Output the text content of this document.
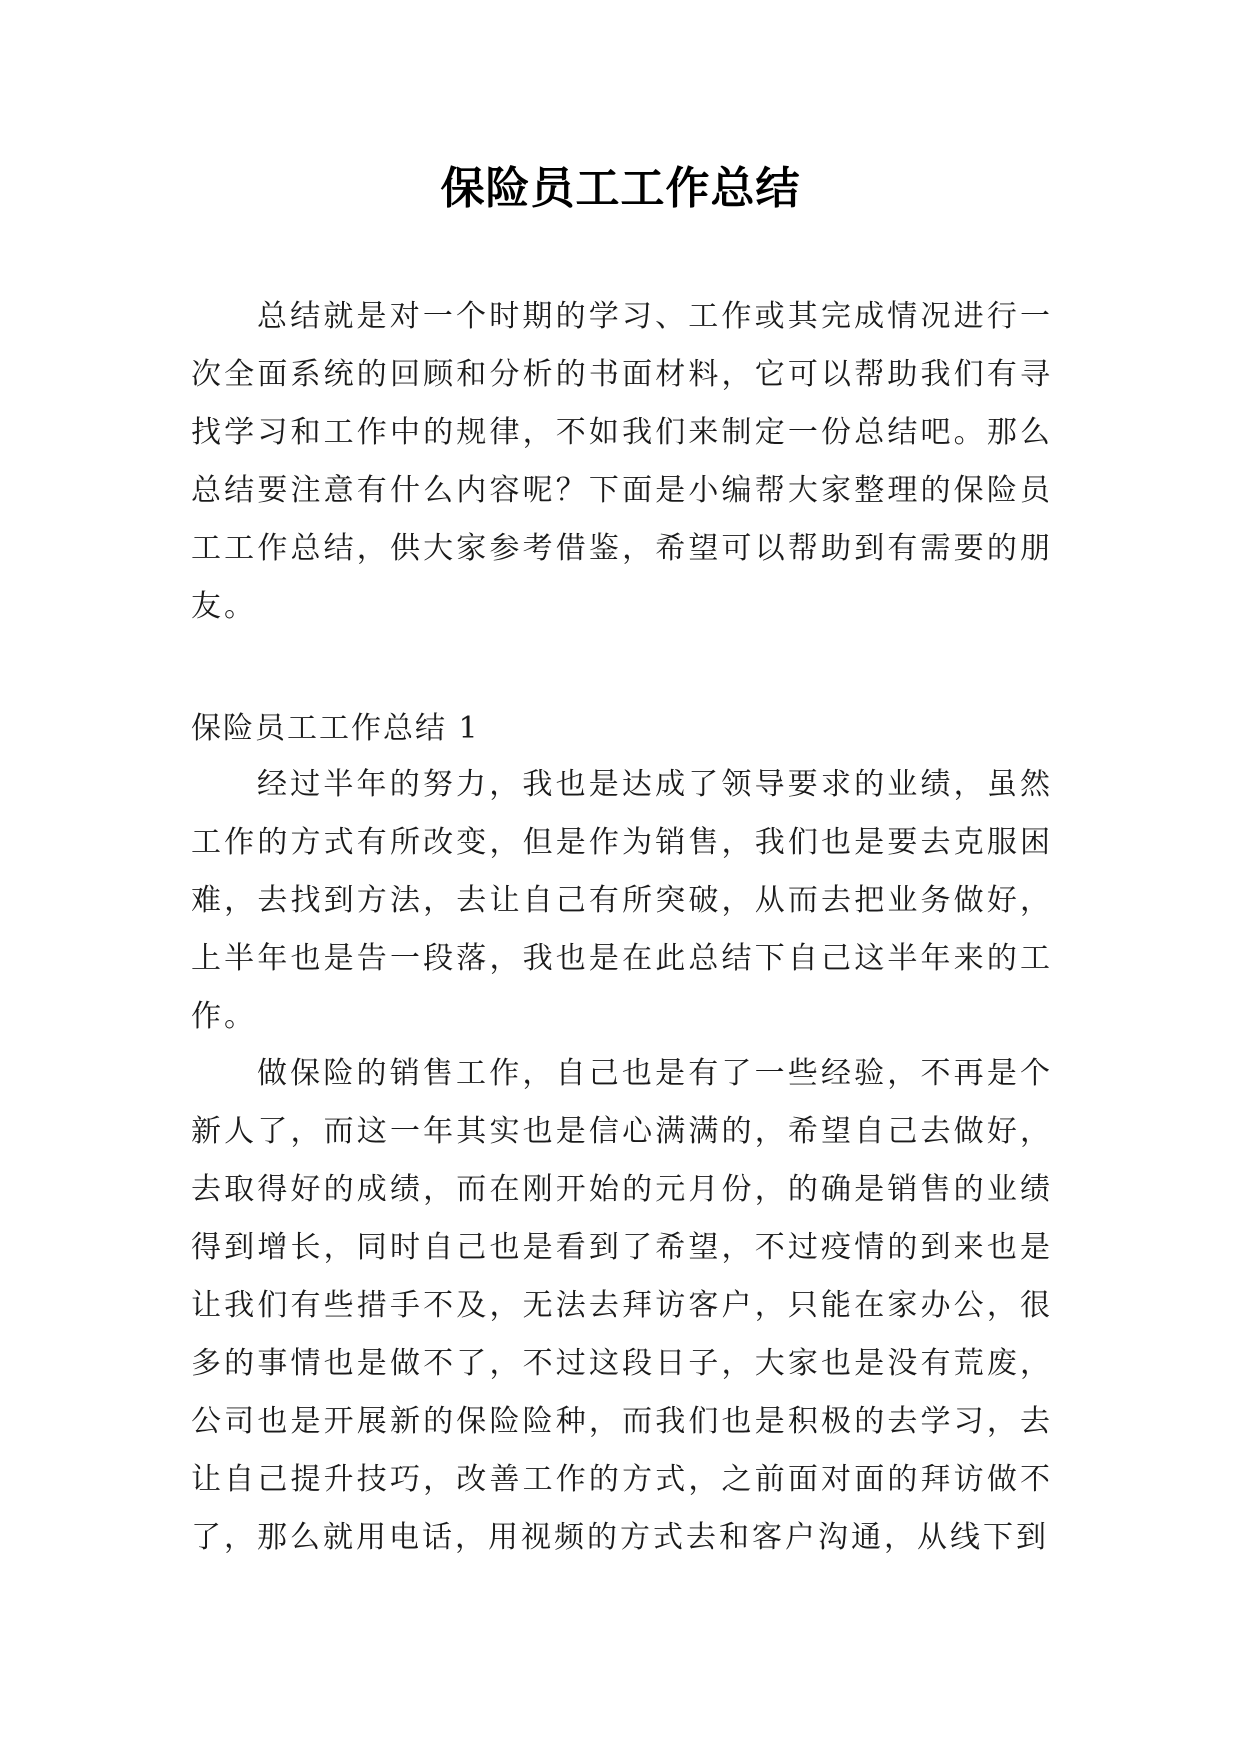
保险员工工作总结

总结就是对一个时期的学习、工作或其完成情况进行一次全面系统的回顾和分析的书面材料，它可以帮助我们有寻找学习和工作中的规律，不如我们来制定一份总结吧。那么总结要注意有什么内容呢？下面是小编帮大家整理的保险员工工作总结，供大家参考借鉴，希望可以帮助到有需要的朋友。

保险员工工作总结 1

经过半年的努力，我也是达成了领导要求的业绩，虽然工作的方式有所改变，但是作为销售，我们也是要去克服困难，去找到方法，去让自己有所突破，从而去把业务做好，上半年也是告一段落，我也是在此总结下自己这半年来的工作。

做保险的销售工作，自己也是有了一些经验，不再是个新人了，而这一年其实也是信心满满的，希望自己去做好，去取得好的成绩，而在刚开始的元月份，的确是销售的业绩得到增长，同时自己也是看到了希望，不过疫情的到来也是让我们有些措手不及，无法去拜访客户，只能在家办公，很多的事情也是做不了，不过这段日子，大家也是没有荒废，公司也是开展新的保险险种，而我们也是积极的去学习，去让自己提升技巧，改善工作的方式，之前面对面的拜访做不了，那么就用电话，用视频的方式去和客户沟通，从线下到
